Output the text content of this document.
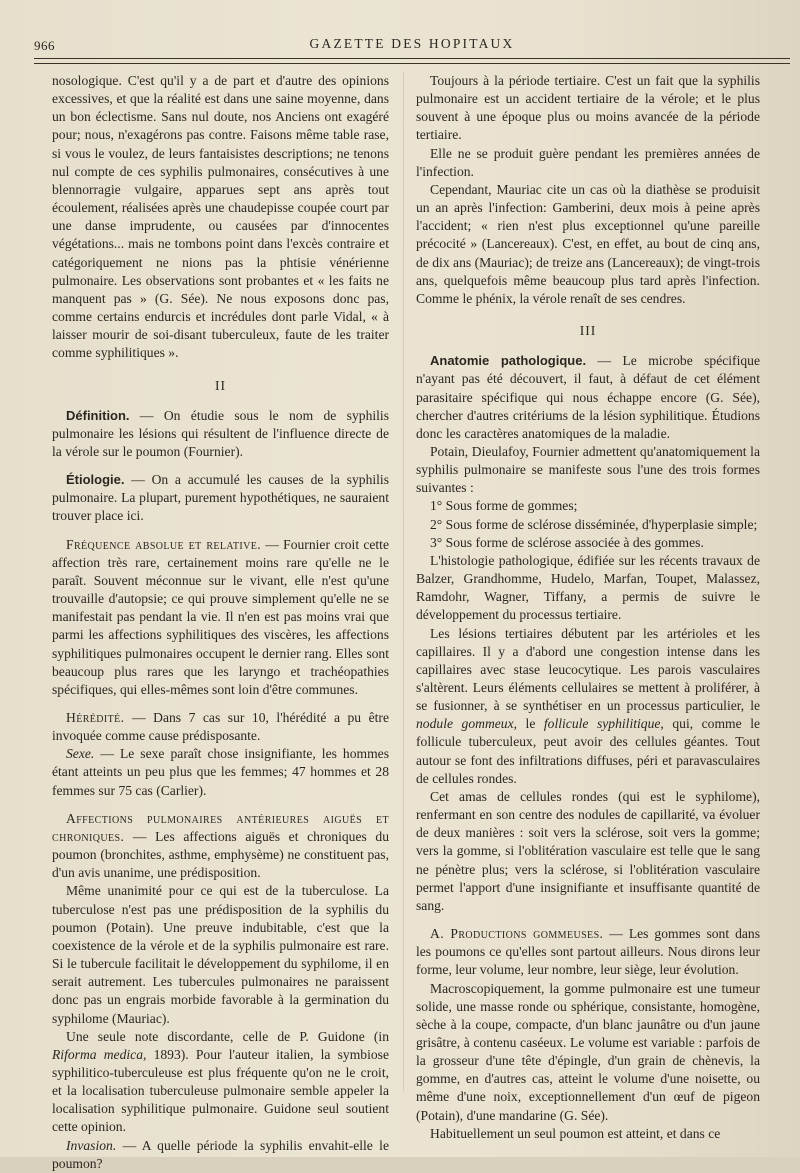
966	GAZETTE DES HOPITAUX

nosologique. C'est qu'il y a de part et d'autre des opinions excessives, et que la réalité est dans une saine moyenne, dans un bon éclectisme. Sans nul doute, nos Anciens ont exagéré pour; nous, n'exagérons pas contre. Faisons même table rase, si vous le voulez, de leurs fantaisistes descriptions; ne tenons nul compte de ces syphilis pulmonaires, consécutives à une blennorragie vulgaire, apparues sept ans après tout écoulement, réalisées après une chaudepisse coupée court par une danse imprudente, ou causées par d'innocentes végétations... mais ne tombons point dans l'excès contraire et catégoriquement ne nions pas la phtisie vénérienne pulmonaire. Les observations sont probantes et « les faits ne manquent pas » (G. Sée). Ne nous exposons donc pas, comme certains endurcis et incrédules dont parle Vidal, « à laisser mourir de soi-disant tuberculeux, faute de les traiter comme syphilitiques ».

II

Définition. — On étudie sous le nom de syphilis pulmonaire les lésions qui résultent de l'influence directe de la vérole sur le poumon (Fournier).

Étiologie. — On a accumulé les causes de la syphilis pulmonaire. La plupart, purement hypothétiques, ne sauraient trouver place ici.

Fréquence absolue et relative. — Fournier croit cette affection très rare, certainement moins rare qu'elle ne le paraît. Souvent méconnue sur le vivant, elle n'est qu'une trouvaille d'autopsie; ce qui prouve simplement qu'elle ne se manifestait pas pendant la vie. Il n'en est pas moins vrai que parmi les affections syphilitiques des viscères, les affections syphilitiques pulmonaires occupent le dernier rang. Elles sont beaucoup plus rares que les laryngo et trachéopathies spécifiques, qui elles-mêmes sont loin d'être communes.

Hérédité. — Dans 7 cas sur 10, l'hérédité a pu être invoquée comme cause prédisposante.

Sexe. — Le sexe paraît chose insignifiante, les hommes étant atteints un peu plus que les femmes; 47 hommes et 28 femmes sur 75 cas (Carlier).

Affections pulmonaires antérieures aiguës et chroniques. — Les affections aiguës et chroniques du poumon (bronchites, asthme, emphysème) ne constituent pas, d'un avis unanime, une prédisposition.

Même unanimité pour ce qui est de la tuberculose. La tuberculose n'est pas une prédisposition de la syphilis du poumon (Potain). Une preuve indubitable, c'est que la coexistence de la vérole et de la syphilis pulmonaire est rare. Si le tubercule facilitait le développement du syphilome, il en serait autrement. Les tubercules pulmonaires ne paraissent donc pas un engrais morbide favorable à la germination du syphilome (Mauriac).

Une seule note discordante, celle de P. Guidone (in Riforma medica, 1893). Pour l'auteur italien, la symbiose syphilitico-tuberculeuse est plus fréquente qu'on ne le croit, et la localisation tuberculeuse pulmonaire semble appeler la localisation syphilitique pulmonaire. Guidone seul soutient cette opinion.

Invasion. — A quelle période la syphilis envahit-elle le poumon?

Toujours à la période tertiaire. C'est un fait que la syphilis pulmonaire est un accident tertiaire de la vérole; et le plus souvent à une époque plus ou moins avancée de la période tertiaire.

Elle ne se produit guère pendant les premières années de l'infection.

Cependant, Mauriac cite un cas où la diathèse se produisit un an après l'infection: Gamberini, deux mois à peine après l'accident; « rien n'est plus exceptionnel qu'une pareille précocité » (Lancereaux). C'est, en effet, au bout de cinq ans, de dix ans (Mauriac); de treize ans (Lancereaux); de vingt-trois ans, quelquefois même beaucoup plus tard après l'infection. Comme le phénix, la vérole renaît de ses cendres.

III

Anatomie pathologique. — Le microbe spécifique n'ayant pas été découvert, il faut, à défaut de cet élément parasitaire spécifique qui nous échappe encore (G. Sée), chercher d'autres critériums de la lésion syphilitique. Étudions donc les caractères anatomiques de la maladie.

Potain, Dieulafoy, Fournier admettent qu'anatomiquement la syphilis pulmonaire se manifeste sous l'une des trois formes suivantes :

1° Sous forme de gommes;

2° Sous forme de sclérose disséminée, d'hyperplasie simple;

3° Sous forme de sclérose associée à des gommes.

L'histologie pathologique, édifiée sur les récents travaux de Balzer, Grandhomme, Hudelo, Marfan, Toupet, Malassez, Ramdohr, Wagner, Tiffany, a permis de suivre le développement du processus tertiaire.

Les lésions tertiaires débutent par les artérioles et les capillaires. Il y a d'abord une congestion intense dans les capillaires avec stase leucocytique. Les parois vasculaires s'altèrent. Leurs éléments cellulaires se mettent à proliférer, à se fusionner, à se synthétiser en un processus particulier, le nodule gommeux, le follicule syphilitique, qui, comme le follicule tuberculeux, peut avoir des cellules géantes. Tout autour se font des infiltrations diffuses, péri et paravasculaires de cellules rondes.

Cet amas de cellules rondes (qui est le syphilome), renfermant en son centre des nodules de capillarité, va évoluer de deux manières : soit vers la sclérose, soit vers la gomme; vers la gomme, si l'oblitération vasculaire est telle que le sang ne pénètre plus; vers la sclérose, si l'oblitération vasculaire permet l'apport d'une insignifiante et insuffisante quantité de sang.

A. Productions gommeuses. — Les gommes sont dans les poumons ce qu'elles sont partout ailleurs. Nous dirons leur forme, leur volume, leur nombre, leur siège, leur évolution.

Macroscopiquement, la gomme pulmonaire est une tumeur solide, une masse ronde ou sphérique, consistante, homogène, sèche à la coupe, compacte, d'un blanc jaunâtre ou d'un jaune grisâtre, à contenu caséeux. Le volume est variable : parfois de la grosseur d'une tête d'épingle, d'un grain de chènevis, la gomme, en d'autres cas, atteint le volume d'une noisette, ou même d'une noix, exceptionnellement d'un œuf de pigeon (Potain), d'une mandarine (G. Sée).

Habituellement un seul poumon est atteint, et dans ce
